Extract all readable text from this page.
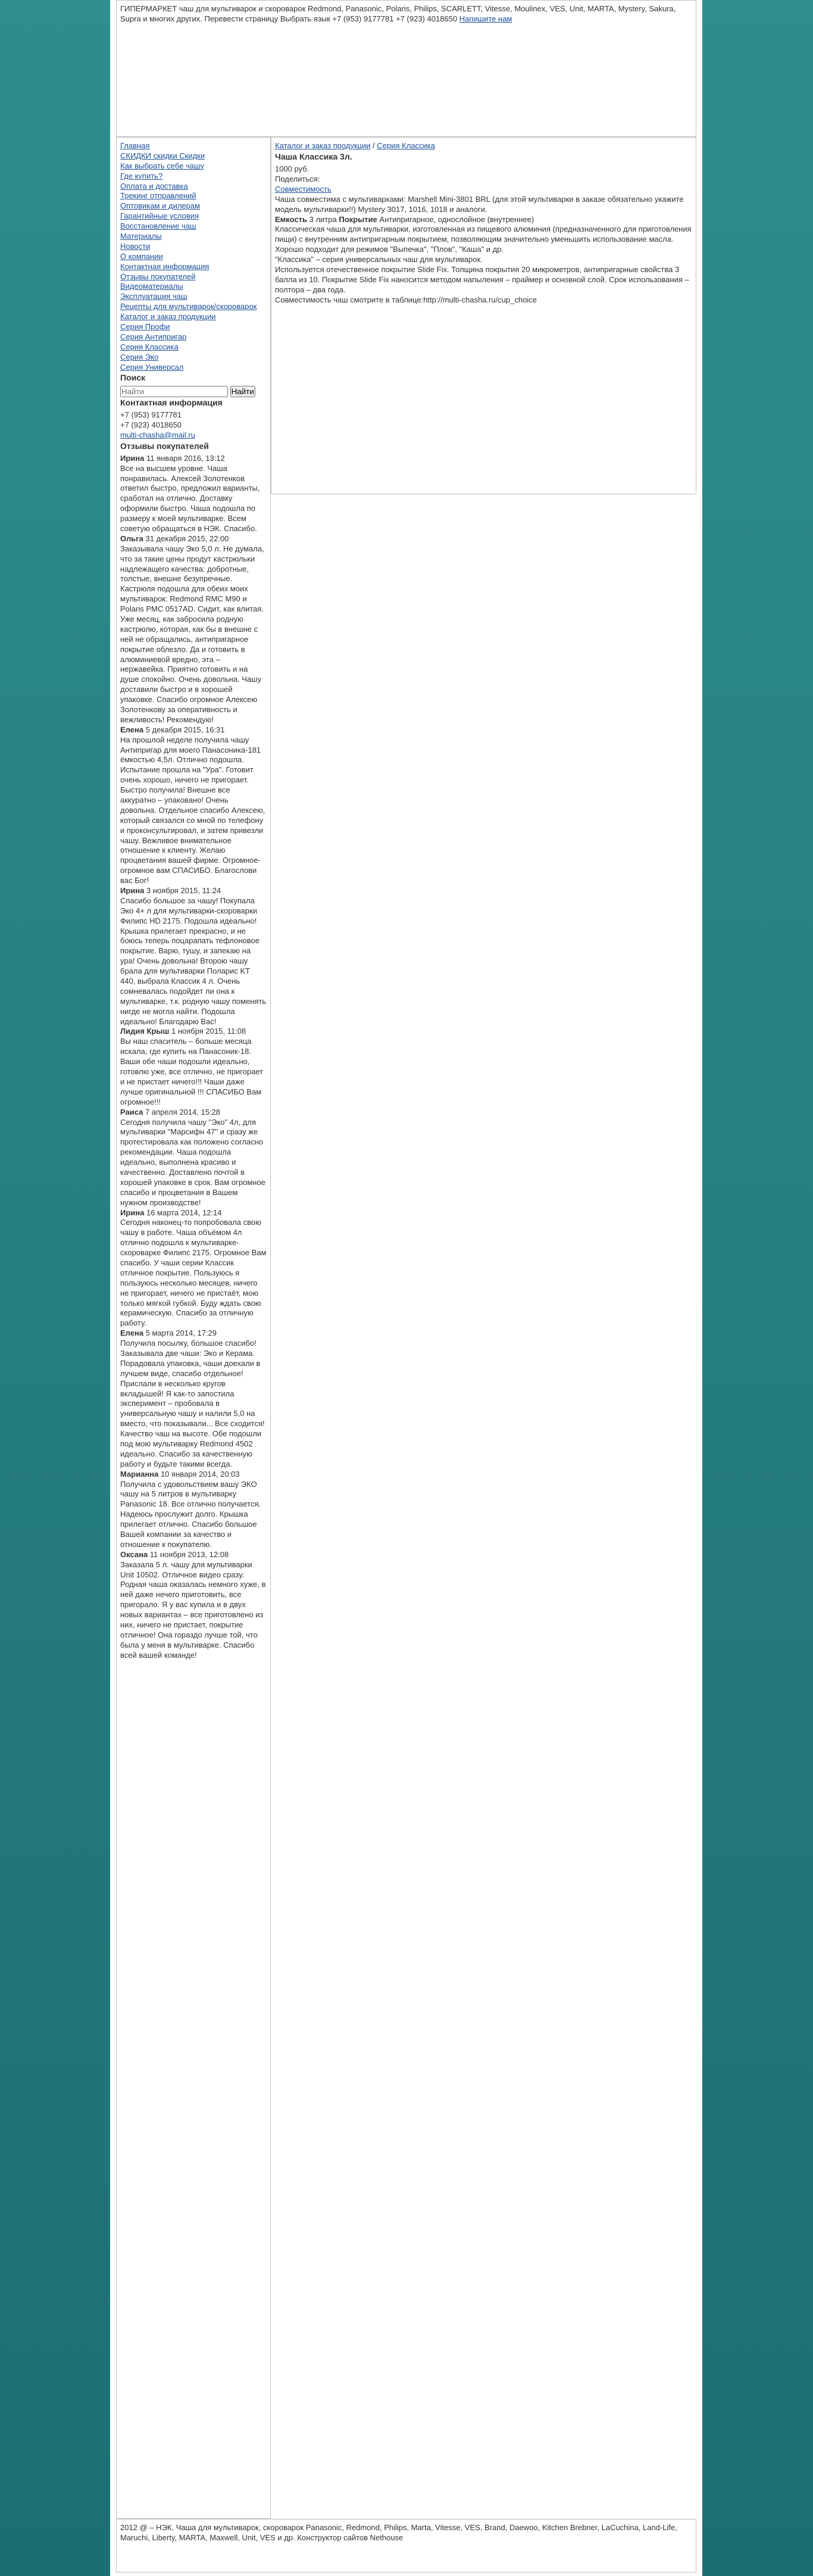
ГИПЕРМАРКЕТ чаш для мультиварок и скороварок Redmond, Panasonic, Polaris, Philips, SCARLETT, Vitesse, Moulinex, VES, Unit, MARTA, Mystery, Sakura, Supra и многих других. Перевести страницу Выбрать язык +7 (953) 9177781 +7 (923) 4018650 Напишите нам
Главная
СКИДКИ скидки Скидки
Как выбрать себе чашу
Где купить?
Оплата и доставка
Трекинг отправлений
Оптовикам и дилерам
Гарантийные условия
Восстановление чаш
Материалы
Новости
О компании
Контактная информация
Отзывы покупателей
Видеоматериалы
Эксплуатация чаш
Рецепты для мультиварок/скороварок
Каталог и заказ продукции
Серия Профи
Серия Антипригар
Серия Классика
Серия Эко
Серия Универсал
Поиск
Найти Найти
Контактная информация
+7 (953) 9177781
+7 (923) 4018650
multi-chasha@mail.ru
Отзывы покупателей
Ирина 11 января 2016, 13:12

Все на высшем уровне. Чаша понравилась. Алексей Золотенков ответил быстро, предложил варианты, сработал на отлично. Доставку оформили быстро. Чаша подошла по размеру к моей мультиварке. Всем советую обращаться в НЭК. Спасибо.

Ольга 31 декабря 2015, 22:00

Заказывала чашу Эко 5,0 л. Не думала, что за такие цены продут кастрюльки надлежащего качества: добротные, толстые, внешне безупречные. Кастрюля подошла для обеих моих мультиварок: Redmond RMC M90 и Polaris PMC 0517AD. Сидит, как влитая. Уже месяц, как забросила родную кастрюлю, которая, как бы в внешне с ней не обращались, антипригарное покрытие облезло. Да и готовить в алюминиевой вредно, эта – нержавейка. Приятно готовить и на душе спокойно. Очень довольна. Чашу доставили быстро и в хорошей упаковке. Спасибо огромное Алексею Золотенкову за оперативность и вежливость! Рекомендую!

Елена 5 декабря 2015, 16:31

На прошлой неделе получила чашу Антипригар для моего Панасоника-181 ёмкостью 4,5л. Отлично подошла. Испытание прошла на "Ура". Готовит очень хорошо, ничего не пригорает. Быстро получила! Внешне все аккуратно – упаковано! Очень довольна. Отдельное спасибо Алексею, который связался со мной по телефону и проконсультировал, и затем привезли чашу. Вежливое внимательное отношение к клиенту. Желаю процветания вашей фирме. Огромное-огромное вам СПАСИБО. Благослови вас Бог!

Ирина 3 ноября 2015, 11:24

Спасибо большое за чашу! Покупала Эко 4+ л для мультиварки-скороварки Филипс HD 2175. Подошла идеально! Крышка прилегает прекрасно, и не боюсь теперь поцарапать тефлоновое покрытие. Варю, тушу, и запекаю на ура! Очень довольна! Второю чашу брала для мультиварки Поларис KT 440, выбрала Классик 4 л. Очень сомневалась подойдет ли она к мультиварке, т.к. родную чашу поменять нигде не могла найти. Подошла идеально! Благодарю Вас!

Лидия Крыш 1 ноября 2015, 11:08

Вы наш спаситель – больше месяца искала, где купить на Панасоник-18. Ваши oбe чаши подошли идеально, готовлю уже, все отлично, не пригорает и не пристает ничего!!! Чаши даже лучше оригинальной !!! СПАСИБО Вам огромное!!!

Раиса 7 апреля 2014, 15:28

Сегодня получила чашу "Эко" 4л, для мультиварки "Марсифн 47" и сразу же протестировала как положено согласно рекомендации. Чаша подошла идеально, выполнена красиво и качественно. Доставлено почтой в хорошей упаковке в срок. Вам огромное спасибо и процветания в Вашем нужном производстве!

Ирина 16 марта 2014, 12:14

Сегодня наконец-то попробовала свою чашу в работе. Чаша объёмом 4л отлично подошла к мультиварке-скороварке Филипс 2175. Огромное Вам спасибо. У чаши серии Классик отличное покрытие. Пользуюсь я пользуюсь несколько месяцев, ничего не пригорает, ничего не пристаёт, мою только мягкой губкой. Буду ждать свою керамическую. Спасибо за отличную работу.

Елена 5 марта 2014, 17:29

Получила посылку, большое спасибо! Заказывала две чаши: Эко и Керама. Порадовала упаковка, чаши доехали в лучшем виде, спасибо отдельное! Прислали в несколько кругов вкладышей! Я как-то запостила эксперимент – пробовала в универсальную чашу и налили 5,0 на вместо, что показывали... Все сходится! Качество чаш на высоте. Обе подошли под мою мультиварку Redmond 4502 идеально. Спасибо за качественную работу и будьте такими всегда.

Марианна 10 января 2014, 20:03

Получила с удовольствием вашу ЭКО чашу на 5 литров в мультиварку Panasonic 18. Все отлично получается. Надеюсь прослужит долго. Крышка прилегает отлично. Спасибо большое Вашей компании за качество и отношение к покупателю.

Оксана 11 ноября 2013, 12:08

Заказала 5 л. чашу для мультиварки Unit 10502. Отличное видео сразу. Родная чаша оказалась немного хуже, в ней даже нечего приготовить, все пригорало. Я у вас купила и в двух новых вариантах – все приготовлено из них, ничего не пристает, покрытие отличное! Она гораздо лучше той, что была у меня в мультиварке. Спасибо всей вашей команде!

Каталог и заказ продукции / Серия Классика
Чаша Классика 3л.
1000 руб.
Поделиться:
Совместимость

Чаша совместима с мультиварками: Marshell Mini-3801 BRL (для этой мультиварки в заказе обязательно укажите модель мультиварки!!) Mystery 3017, 1016, 1018 и аналоги.

Емкость 3 литра Покрытие Антипригарное, однослойное (внутреннее)

Классическая чаша для мультиварки, изготовленная из пищевого алюминия (предназначенного для приготовления пищи) с внутренним антипригарным покрытием, позволяющим значительно уменьшить использование масла. Хорошо подходит для режимов "Выпечка", "Плов", "Каша" и др.

"Классика" – серия универсальных чаш для мультиварок.

Используется отечественное покрытие Slide Fix. Толщина покрытия 20 микрометров, антипригарные свойства 3 балла из 10. Покрытие Slide Fix наносится методом напыления – праймер и основной слой. Срок использования – полтора – два года.

Совместимость чаш смотрите в таблице:http://multi-chasha.ru/cup_choice

2012 @ – НЭК. Чаша для мультиварок, скороварок Panasonic, Redmond, Philips, Marta, Vitesse, VES, Brand, Daewoo, Kitchen Brebner, LaCuchina, Land-Life, Maruchi, Liberty, MARTA, Maxwell, Unit, VES и др. Конструктор сайтов Nethouse
